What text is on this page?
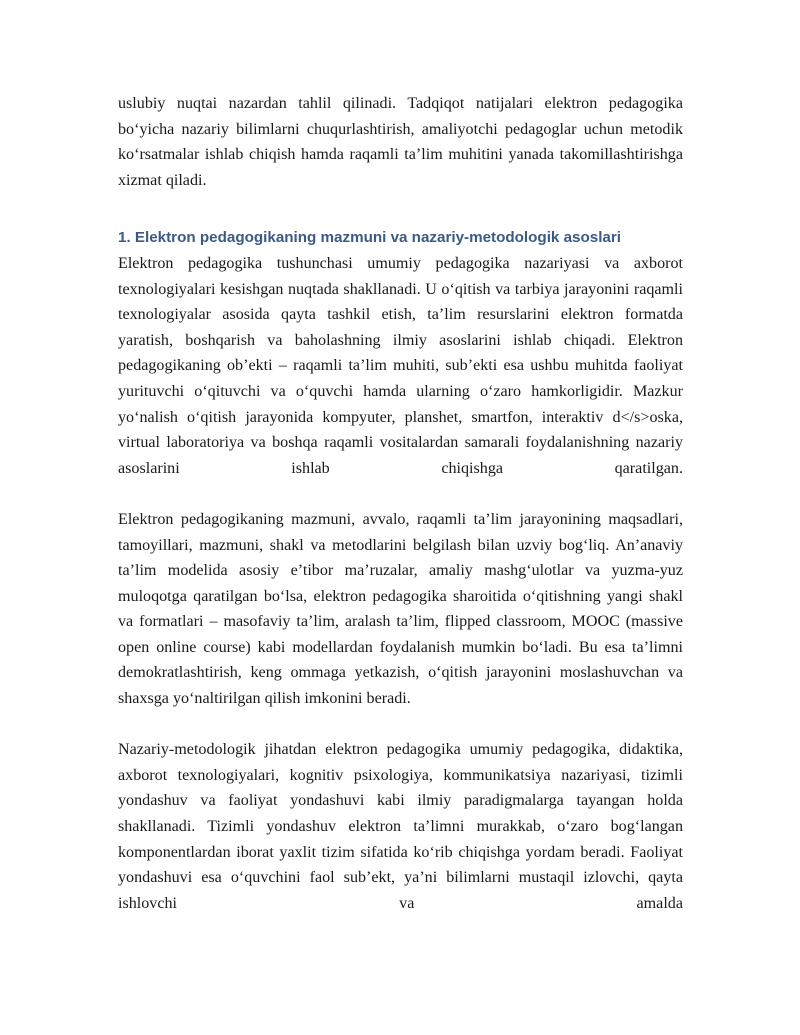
uslubiy nuqtai nazardan tahlil qilinadi. Tadqiqot natijalari elektron pedagogika bo‘yicha nazariy bilimlarni chuqurlashtirish, amaliyotchi pedagoglar uchun metodik ko‘rsatmalar ishlab chiqish hamda raqamli ta’lim muhitini yanada takomillashtirishga xizmat qiladi.

1. Elektron pedagogikaning mazmuni va nazariy-metodologik asoslari

Elektron pedagogika tushunchasi umumiy pedagogika nazariyasi va axborot texnologiyalari kesishgan nuqtada shakllanadi. U o‘qitish va tarbiya jarayonini raqamli texnologiyalar asosida qayta tashkil etish, ta’lim resurslarini elektron formatda yaratish, boshqarish va baholashning ilmiy asoslarini ishlab chiqadi. Elektron pedagogikaning ob’ekti – raqamli ta’lim muhiti, sub’ekti esa ushbu muhitda faoliyat yurituvchi o‘qituvchi va o‘quvchi hamda ularning o‘zaro hamkorligidir. Mazkur yo‘nalish o‘qitish jarayonida kompyuter, planshet, smartfon, interaktiv d</s>oska, virtual laboratoriya va boshqa raqamli vositalardan samarali foydalanishning nazariy asoslarini ishlab chiqishga qaratilgan.

Elektron pedagogikaning mazmuni, avvalo, raqamli ta’lim jarayonining maqsadlari, tamoyillari, mazmuni, shakl va metodlarini belgilash bilan uzviy bog‘liq. An’anaviy ta’lim modelida asosiy e’tibor ma’ruzalar, amaliy mashg‘ulotlar va yuzma-yuz muloqotga qaratilgan bo‘lsa, elektron pedagogika sharoitida o‘qitishning yangi shakl va formatlari – masofaviy ta’lim, aralash ta’lim, flipped classroom, MOOC (massive open online course) kabi modellardan foydalanish mumkin bo‘ladi. Bu esa ta’limni demokratlashtirish, keng ommaga yetkazish, o‘qitish jarayonini moslashuvchan va shaxsga yo‘naltirilgan qilish imkonini beradi.

Nazariy-metodologik jihatdan elektron pedagogika umumiy pedagogika, didaktika, axborot texnologiyalari, kognitiv psixologiya, kommunikatsiya nazariyasi, tizimli yondashuv va faoliyat yondashuvi kabi ilmiy paradigmalarga tayangan holda shakllanadi. Tizimli yondashuv elektron ta’limni murakkab, o‘zaro bog‘langan komponentlardan iborat yaxlit tizim sifatida ko‘rib chiqishga yordam beradi. Faoliyat yondashuvi esa o‘quvchini faol sub’ekt, ya’ni bilimlarni mustaqil izlovchi, qayta ishlovchi va amalda
